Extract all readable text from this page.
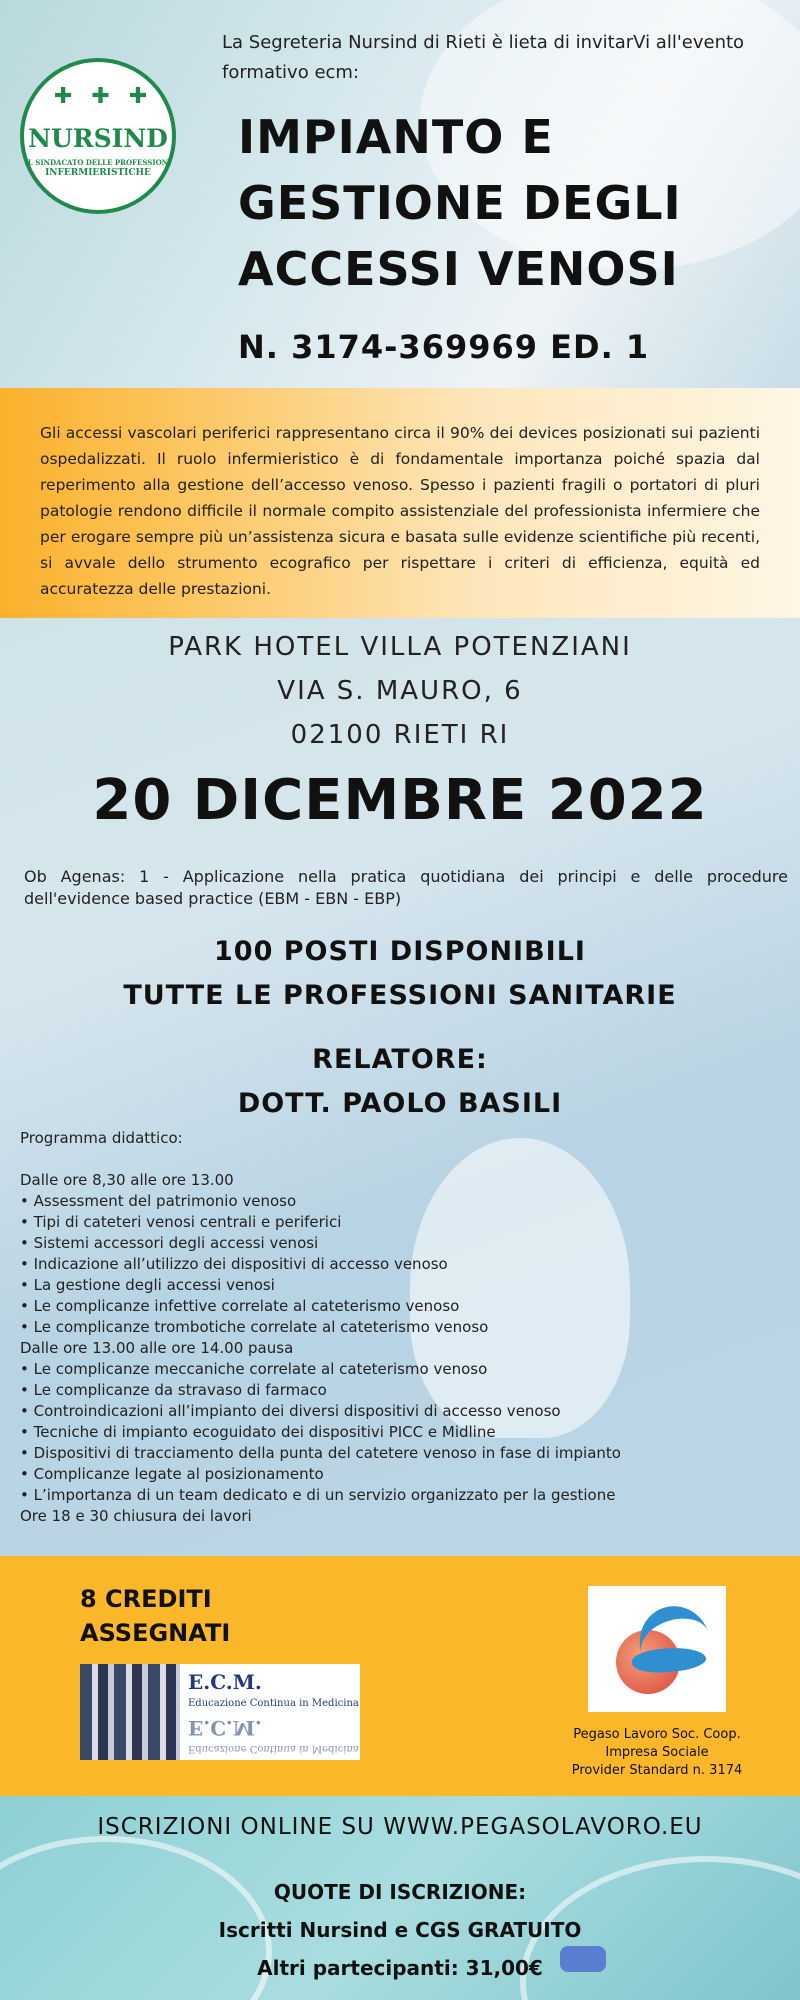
✚ ✚ ✚
NURSIND
IL SINDACATO DELLE PROFESSIONI
INFERMIERISTICHE
La Segreteria Nursind di Rieti è lieta di invitarVi all'evento formativo ecm:
IMPIANTO E
GESTIONE DEGLI
ACCESSI VENOSI
N. 3174-369969 ED. 1

Gli accessi vascolari periferici rappresentano circa il 90% dei devices posizionati sui pazienti ospedalizzati. Il ruolo infermieristico è di fondamentale importanza poiché spazia dal reperimento alla gestione dell’accesso venoso. Spesso i pazienti fragili o portatori di pluri patologie rendono difficile il normale compito assistenziale del professionista infermiere che per erogare sempre più un’assistenza sicura e basata sulle evidenze scientifiche più recenti, si avvale dello strumento ecografico per rispettare i criteri di efficienza, equità ed accuratezza delle prestazioni.

PARK HOTEL VILLA POTENZIANI
VIA S. MAURO, 6
02100 RIETI RI
20 DICEMBRE 2022
Ob Agenas: 1 - Applicazione nella pratica quotidiana dei principi e delle procedure dell'evidence based practice (EBM - EBN - EBP)
100 POSTI DISPONIBILI
TUTTE LE PROFESSIONI SANITARIE
RELATORE:
DOTT. PAOLO BASILI
Programma didattico:
Dalle ore 8,30 alle ore 13.00
• Assessment del patrimonio venoso
• Tipi di cateteri venosi centrali e periferici
• Sistemi accessori degli accessi venosi
• Indicazione all’utilizzo dei dispositivi di accesso venoso
• La gestione degli accessi venosi
• Le complicanze infettive correlate al cateterismo venoso
• Le complicanze trombotiche correlate al cateterismo venoso
Dalle ore 13.00 alle ore 14.00 pausa
• Le complicanze meccaniche correlate al cateterismo venoso
• Le complicanze da stravaso di farmaco
• Controindicazioni all’impianto dei diversi dispositivi di accesso venoso
• Tecniche di impianto ecoguidato dei dispositivi PICC e Midline
• Dispositivi di tracciamento della punta del catetere venoso in fase di impianto
• Complicanze legate al posizionamento
• L’importanza di un team dedicato e di un servizio organizzato per la gestione
Ore 18 e 30 chiusura dei lavori
8 CREDITI
ASSEGNATI
E.C.M.
Educazione Continua in Medicina
E.C.M.
Educazione Continua in Medicina
Pegaso Lavoro Soc. Coop.
Impresa Sociale
Provider Standard n. 3174
ISCRIZIONI ONLINE SU WWW.PEGASOLAVORO.EU
QUOTE DI ISCRIZIONE:
Iscritti Nursind e CGS GRATUITO
Altri partecipanti: 31,00€
